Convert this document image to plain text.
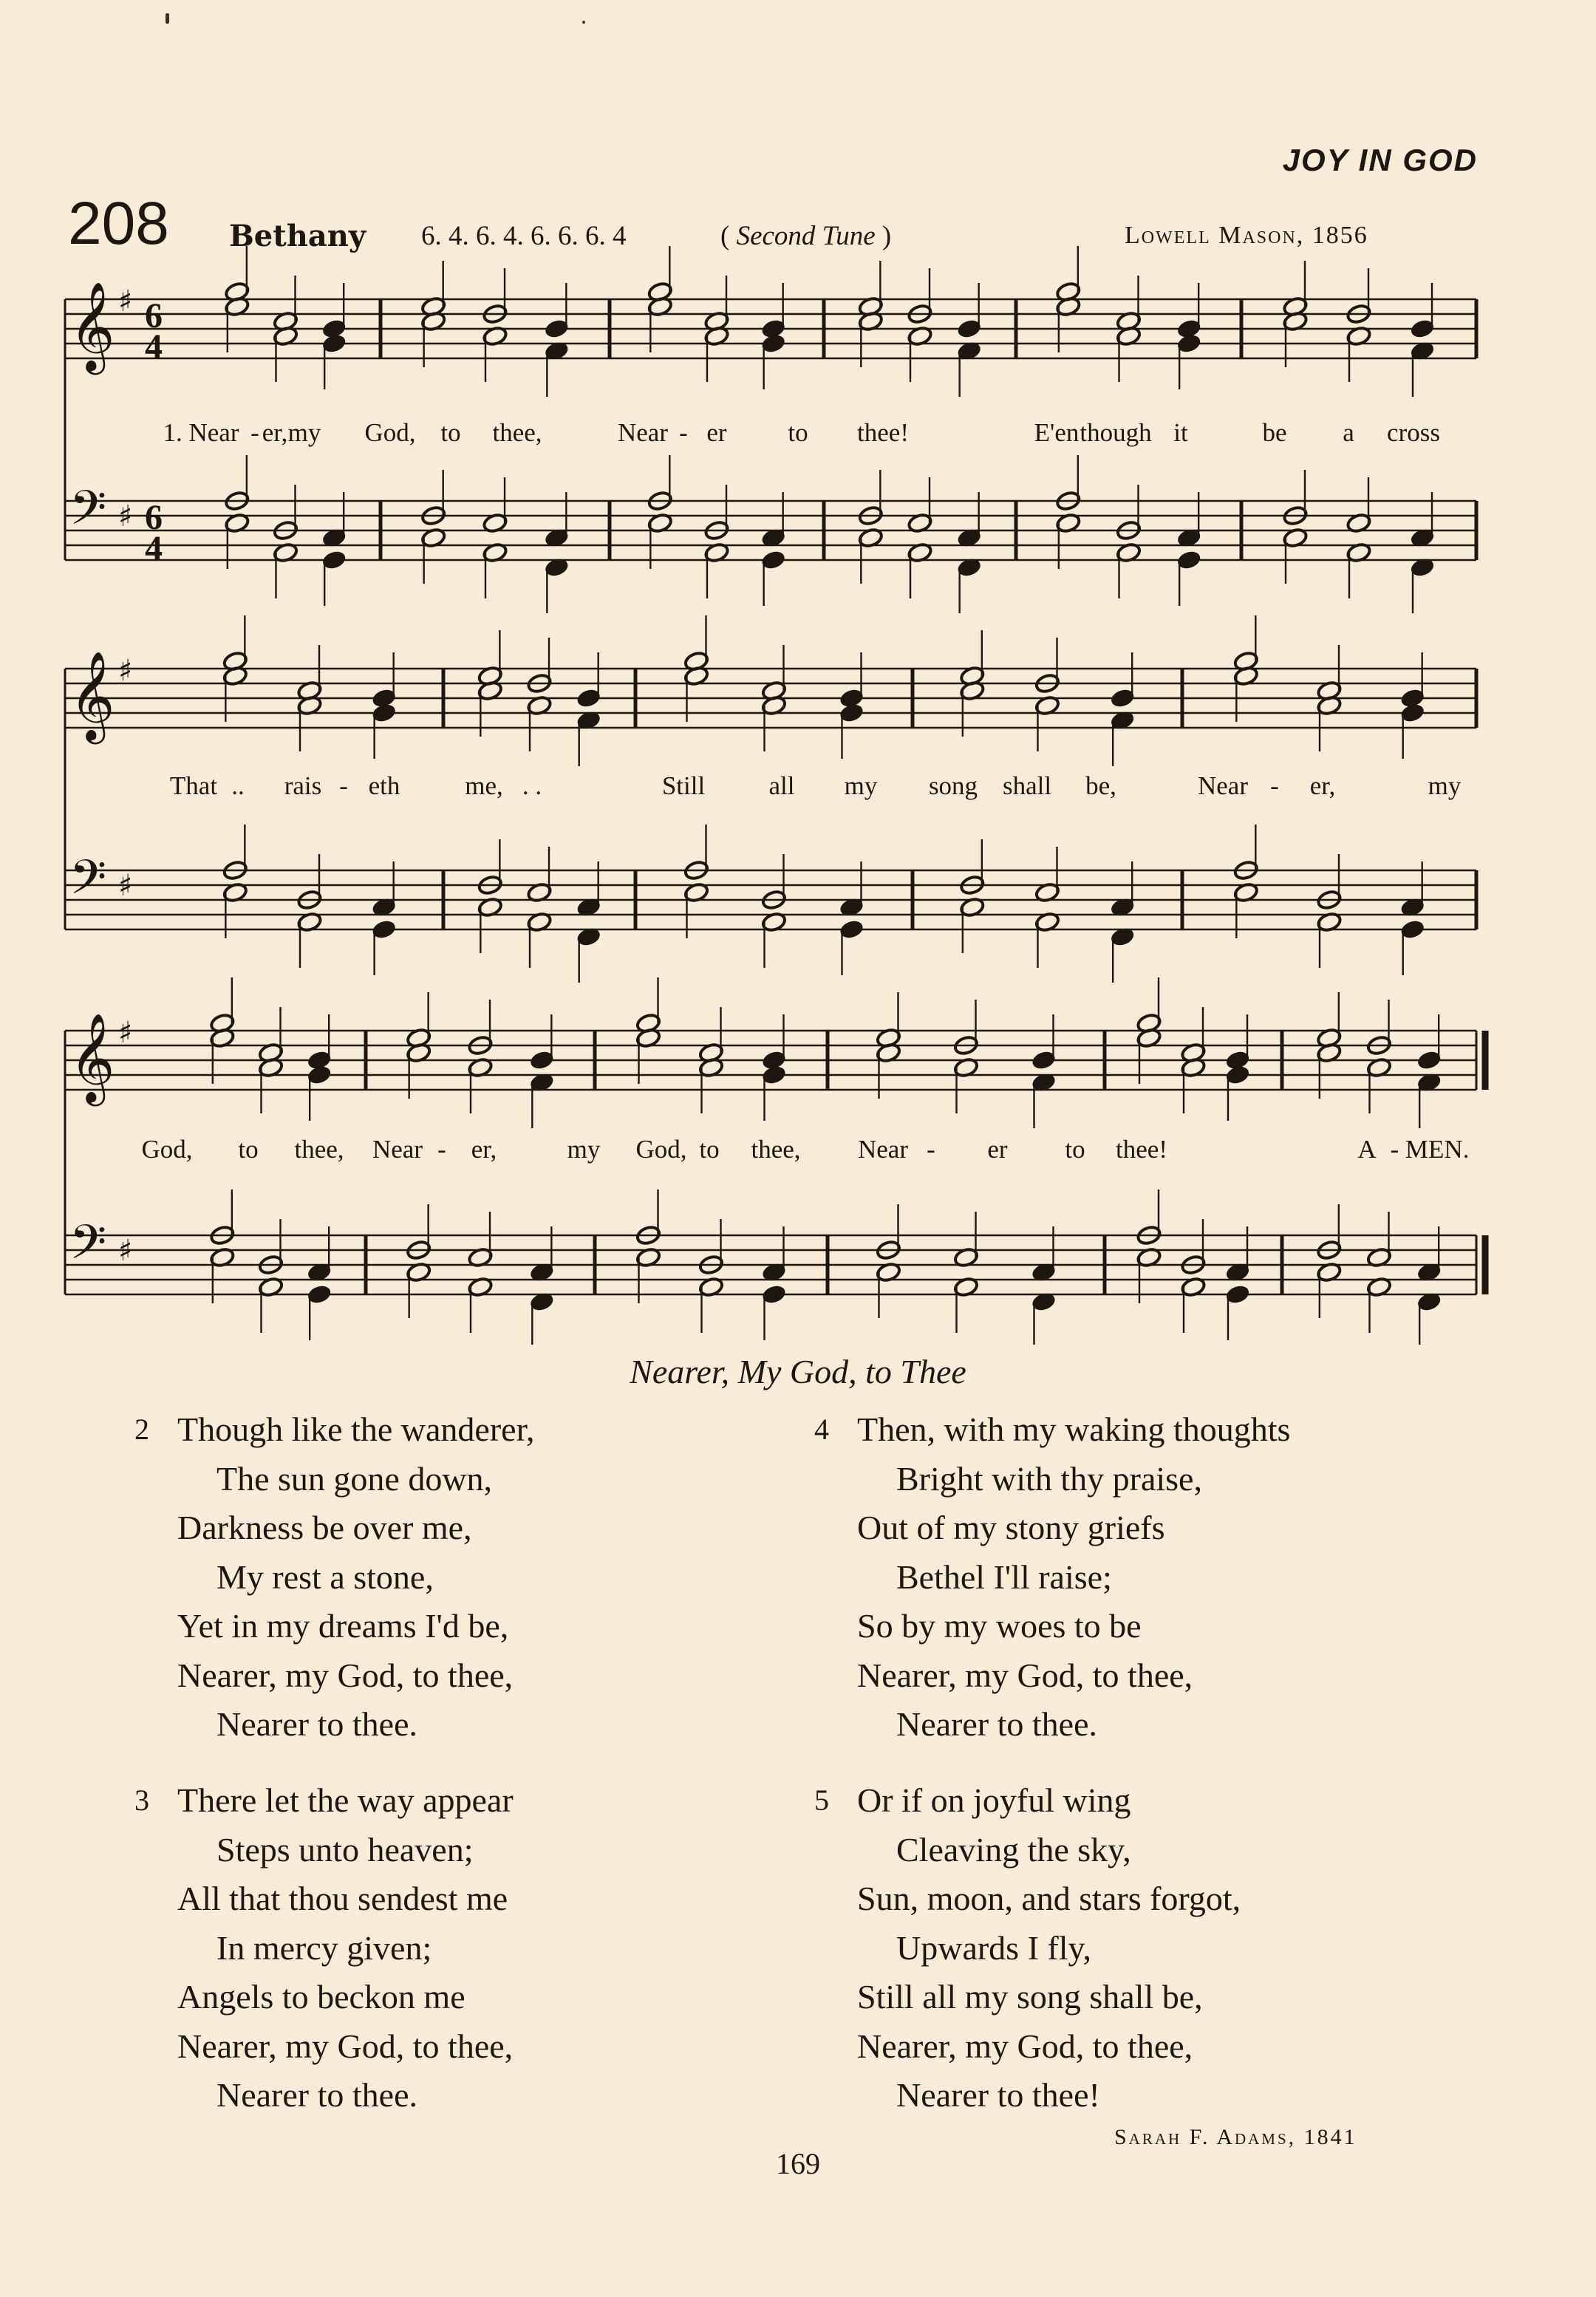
JOY IN GOD
208 Bethany 6. 4. 6. 4. 6. 6. 6. 4	( Second Tune )	Lowell Mason, 1856
𝄞 ♯ 6
4
𝄢 ♯ 6
4
𝄞 ♯
𝄢 ♯
𝄞 ♯
𝄢 ♯
1. Near - er, my God, to thee,	Near - er to thee!	E'en though it	be a cross
That .. rais - eth	me, . .	Still all my song shall be,	Near - er,	my
God, to thee, Near - er,	my God, to thee, Near - er to thee!	A - MEN.
Nearer, My God, to Thee
2 Though like the wanderer,
The sun gone down,
Darkness be over me,
My rest a stone,
Yet in my dreams I'd be,
Nearer, my God, to thee,
Nearer to thee.
3 There let the way appear
Steps unto heaven;
All that thou sendest me
In mercy given;
Angels to beckon me
Nearer, my God, to thee,
Nearer to thee.
4 Then, with my waking thoughts
Bright with thy praise,
Out of my stony griefs
Bethel I'll raise;
So by my woes to be
Nearer, my God, to thee,
Nearer to thee.
5 Or if on joyful wing
Cleaving the sky,
Sun, moon, and stars forgot,
Upwards I fly,
Still all my song shall be,
Nearer, my God, to thee,
Nearer to thee!
Sarah F. Adams, 1841
169
